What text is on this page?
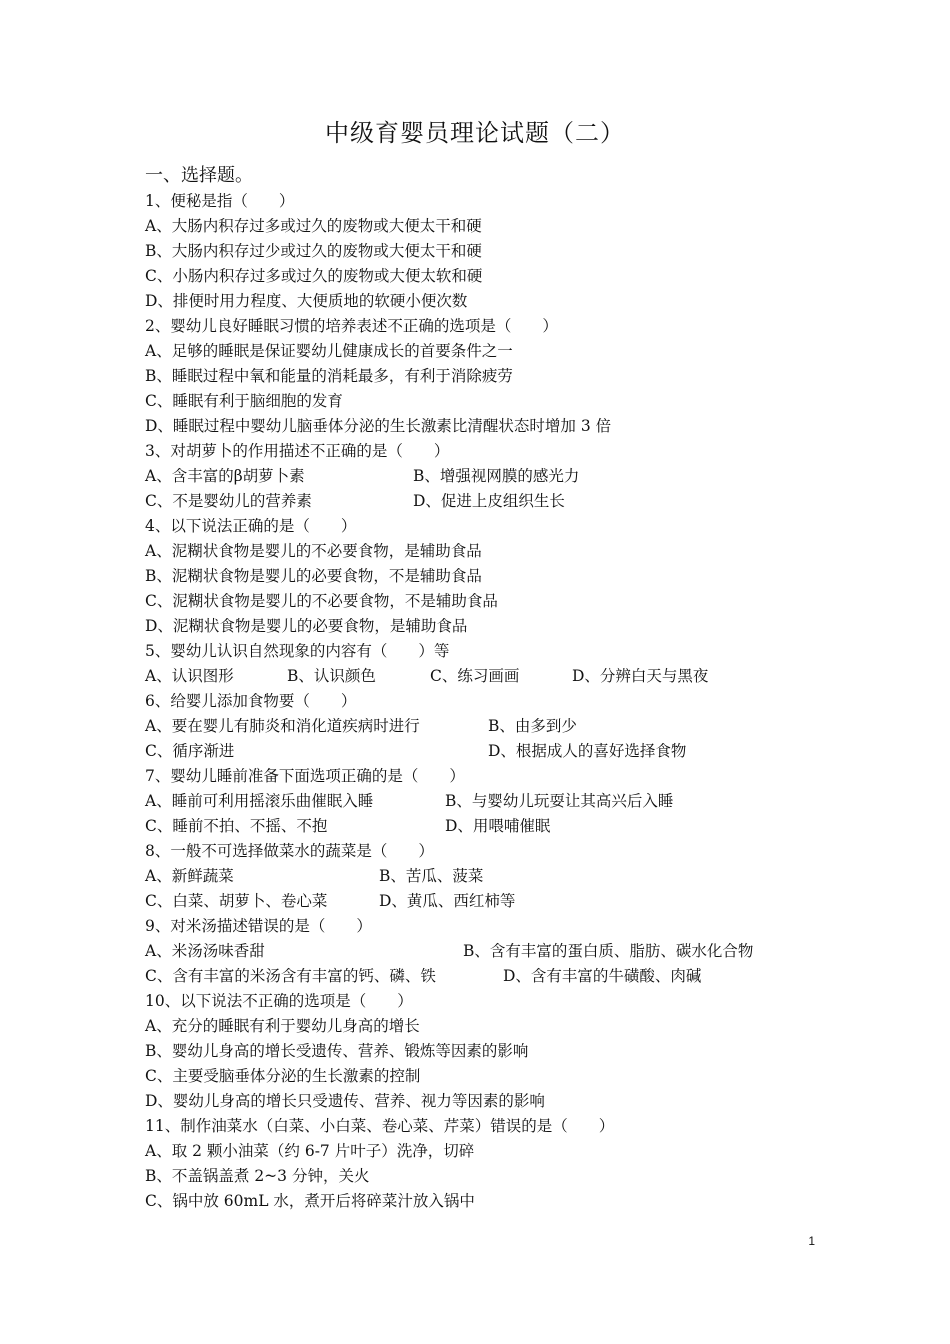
中级育婴员理论试题（二）
一、选择题。
1、便秘是指（　　）
A、大肠内积存过多或过久的废物或大便太干和硬
B、大肠内积存过少或过久的废物或大便太干和硬
C、小肠内积存过多或过久的废物或大便太软和硬
D、排便时用力程度、大便质地的软硬小便次数
2、婴幼儿良好睡眠习惯的培养表述不正确的选项是（　　）
A、足够的睡眠是保证婴幼儿健康成长的首要条件之一
B、睡眠过程中氧和能量的消耗最多，有利于消除疲劳
C、睡眠有利于脑细胞的发育
D、睡眠过程中婴幼儿脑垂体分泌的生长激素比清醒状态时增加 3 倍
3、对胡萝卜的作用描述不正确的是（　　）
A、含丰富的β胡萝卜素	B、增强视网膜的感光力
C、不是婴幼儿的营养素	D、促进上皮组织生长
4、以下说法正确的是（　　）
A、泥糊状食物是婴儿的不必要食物，是辅助食品
B、泥糊状食物是婴儿的必要食物，不是辅助食品
C、泥糊状食物是婴儿的不必要食物，不是辅助食品
D、泥糊状食物是婴儿的必要食物，是辅助食品
5、婴幼儿认识自然现象的内容有（　　）等
A、认识图形	B、认识颜色	C、练习画画	D、分辨白天与黑夜
6、给婴儿添加食物要（　　）
A、要在婴儿有肺炎和消化道疾病时进行	B、由多到少
C、循序渐进	D、根据成人的喜好选择食物
7、婴幼儿睡前准备下面选项正确的是（　　）
A、睡前可利用摇滚乐曲催眠入睡	B、与婴幼儿玩耍让其高兴后入睡
C、睡前不拍、不摇、不抱	D、用喂哺催眠
8、一般不可选择做菜水的蔬菜是（　　）
A、新鲜蔬菜	B、苦瓜、菠菜
C、白菜、胡萝卜、卷心菜	D、黄瓜、西红柿等
9、对米汤描述错误的是（　　）
A、米汤汤味香甜	B、含有丰富的蛋白质、脂肪、碳水化合物
C、含有丰富的米汤含有丰富的钙、磷、铁	D、含有丰富的牛磺酸、肉碱
10、以下说法不正确的选项是（　　）
A、充分的睡眠有利于婴幼儿身高的增长
B、婴幼儿身高的增长受遗传、营养、锻炼等因素的影响
C、主要受脑垂体分泌的生长激素的控制
D、婴幼儿身高的增长只受遗传、营养、视力等因素的影响
11、制作油菜水（白菜、小白菜、卷心菜、芹菜）错误的是（　　）
A、取 2 颗小油菜（约 6-7 片叶子）洗净，切碎
B、不盖锅盖煮 2~3 分钟，关火
C、锅中放 60mL 水，煮开后将碎菜汁放入锅中
1
